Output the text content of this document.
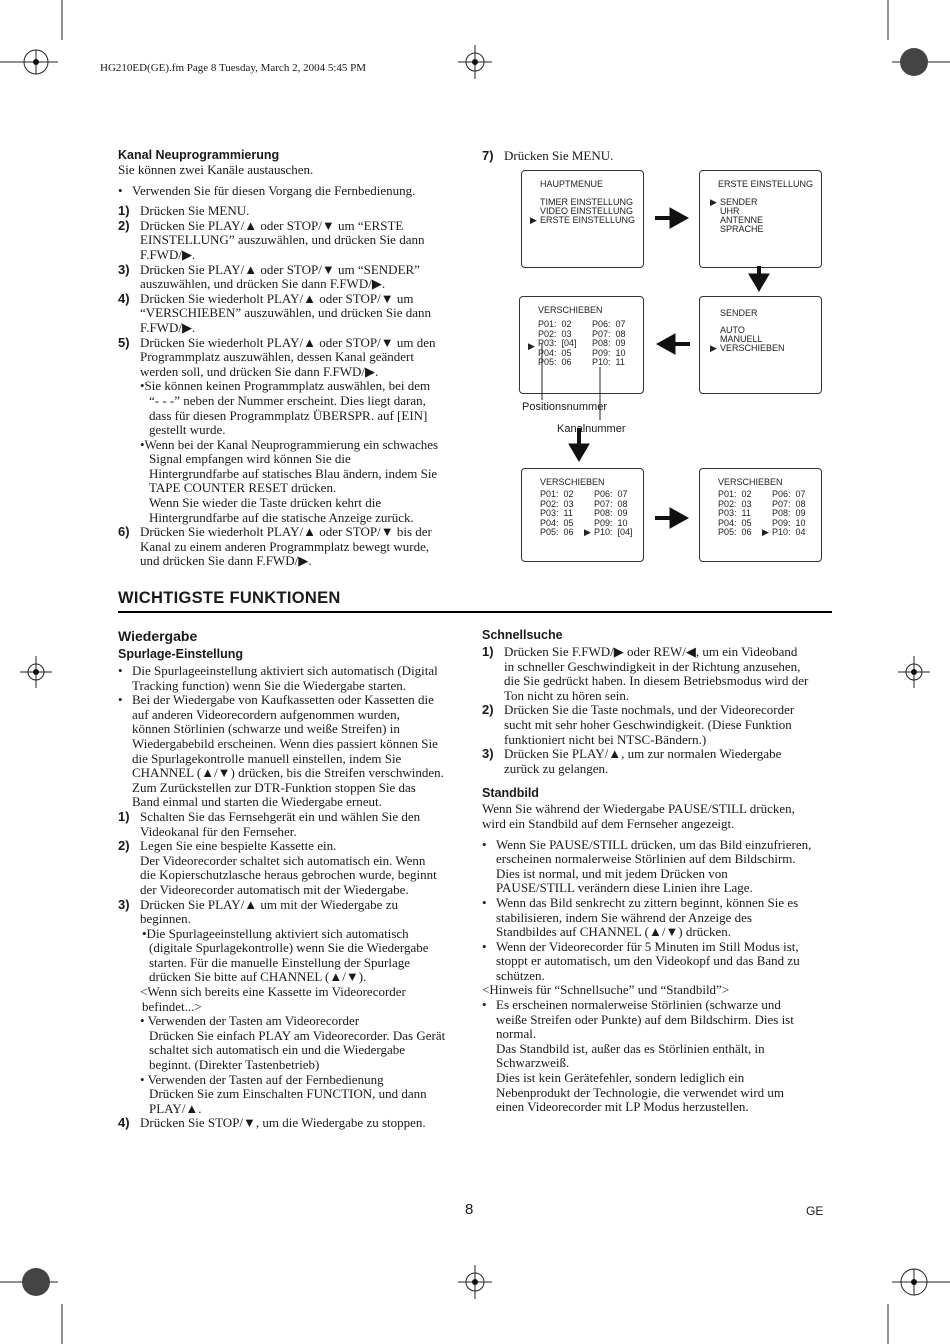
HG210ED(GE).fm Page 8 Tuesday, March 2, 2004 5:45 PM
Kanal Neuprogrammierung

Sie können zwei Kanäle austauschen.

• Verwenden Sie für diesen Vorgang die Fernbedienung.
1) Drücken Sie MENU.
2) Drücken Sie PLAY/▲ oder STOP/▼ um “ERSTE
EINSTELLUNG” auszuwählen, und drücken Sie dann
F.FWD/▶.
3) Drücken Sie PLAY/▲ oder STOP/▼ um “SENDER”
auszuwählen, und drücken Sie dann F.FWD/▶.
4) Drücken Sie wiederholt PLAY/▲ oder STOP/▼ um
“VERSCHIEBEN” auszuwählen, und drücken Sie dann
F.FWD/▶.
5) Drücken Sie wiederholt PLAY/▲ oder STOP/▼ um den
Programmplatz auszuwählen, dessen Kanal geändert
werden soll, und drücken Sie dann F.FWD/▶.
•Sie können keinen Programmplatz auswählen, bei dem
“- - -” neben der Nummer erscheint. Dies liegt daran,
dass für diesen Programmplatz ÜBERSPR. auf [EIN]
gestellt wurde.
•Wenn bei der Kanal Neuprogrammierung ein schwaches
Signal empfangen wird können Sie die
Hintergrundfarbe auf statisches Blau ändern, indem Sie
TAPE COUNTER RESET drücken.
Wenn Sie wieder die Taste drücken kehrt die
Hintergrundfarbe auf die statische Anzeige zurück.
6) Drücken Sie wiederholt PLAY/▲ oder STOP/▼ bis der
Kanal zu einem anderen Programmplatz bewegt wurde,
und drücken Sie dann F.FWD/▶.
7) Drücken Sie MENU.
HAUPTMENUE
TIMER EINSTELLUNG
VIDEO EINSTELLUNG
▶ ERSTE EINSTELLUNG
ERSTE EINSTELLUNG
▶ SENDER
UHR
ANTENNE
SPRACHE
VERSCHIEBEN
▶
P01:  02	P06:  07
P02:  03	P07:  08
P03:  [04]	P08:  09
P04:  05	P09:  10
P05:  06	P10:  11
SENDER
AUTO
MANUELL
▶ VERSCHIEBEN
Positionsnummer
Kanalnummer
VERSCHIEBEN
▶
P01:  02	P06:  07
P02:  03	P07:  08
P03:  11	P08:  09
P04:  05	P09:  10
P05:  06	P10:  [04]
VERSCHIEBEN
▶
P01:  02	P06:  07
P02:  03	P07:  08
P03:  11	P08:  09
P04:  05	P09:  10
P05:  06	P10:  04
WICHTIGSTE FUNKTIONEN
Wiedergabe
Spurlage-Einstellung
• Die Spurlageeinstellung aktiviert sich automatisch (Digital
Tracking function) wenn Sie die Wiedergabe starten.
• Bei der Wiedergabe von Kaufkassetten oder Kassetten die
auf anderen Videorecordern aufgenommen wurden,
können Störlinien (schwarze und weiße Streifen) in
Wiedergabebild erscheinen. Wenn dies passiert können Sie
die Spurlagekontrolle manuell einstellen, indem Sie
CHANNEL (▲/▼) drücken, bis die Streifen verschwinden.
Zum Zurückstellen zur DTR-Funktion stoppen Sie das
Band einmal und starten die Wiedergabe erneut.
1) Schalten Sie das Fernsehgerät ein und wählen Sie den
Videokanal für den Fernseher.
2) Legen Sie eine bespielte Kassette ein.
Der Videorecorder schaltet sich automatisch ein. Wenn
die Kopierschutzlasche heraus gebrochen wurde, beginnt
der Videorecorder automatisch mit der Wiedergabe.
3) Drücken Sie PLAY/▲ um mit der Wiedergabe zu
beginnen.
•Die Spurlageeinstellung aktiviert sich automatisch
(digitale Spurlagekontrolle) wenn Sie die Wiedergabe
starten. Für die manuelle Einstellung der Spurlage
drücken Sie bitte auf CHANNEL (▲/▼).
<Wenn sich bereits eine Kassette im Videorecorder
befindet...>
• Verwenden der Tasten am Videorecorder
Drücken Sie einfach PLAY am Videorecorder. Das Gerät
schaltet sich automatisch ein und die Wiedergabe
beginnt. (Direkter Tastenbetrieb)
• Verwenden der Tasten auf der Fernbedienung
Drücken Sie zum Einschalten FUNCTION, und dann
PLAY/▲.
4) Drücken Sie STOP/▼, um die Wiedergabe zu stoppen.
Schnellsuche
1) Drücken Sie F.FWD/▶ oder REW/◀, um ein Videoband
in schneller Geschwindigkeit in der Richtung anzusehen,
die Sie gedrückt haben. In diesem Betriebsmodus wird der
Ton nicht zu hören sein.
2) Drücken Sie die Taste nochmals, und der Videorecorder
sucht mit sehr hoher Geschwindigkeit. (Diese Funktion
funktioniert nicht bei NTSC-Bändern.)
3) Drücken Sie PLAY/▲, um zur normalen Wiedergabe
zurück zu gelangen.
Standbild

Wenn Sie während der Wiedergabe PAUSE/STILL drücken,
wird ein Standbild auf dem Fernseher angezeigt.

• Wenn Sie PAUSE/STILL drücken, um das Bild einzufrieren,
erscheinen normalerweise Störlinien auf dem Bildschirm.
Dies ist normal, und mit jedem Drücken von
PAUSE/STILL verändern diese Linien ihre Lage.
• Wenn das Bild senkrecht zu zittern beginnt, können Sie es
stabilisieren, indem Sie während der Anzeige des
Standbildes auf CHANNEL (▲/▼) drücken.
• Wenn der Videorecorder für 5 Minuten im Still Modus ist,
stoppt er automatisch, um den Videokopf und das Band zu
schützen.

<Hinweis für “Schnellsuche” und “Standbild”>

• Es erscheinen normalerweise Störlinien (schwarze und
weiße Streifen oder Punkte) auf dem Bildschirm. Dies ist
normal.
Das Standbild ist, außer das es Störlinien enthält, in
Schwarzweiß.
Dies ist kein Gerätefehler, sondern lediglich ein
Nebenprodukt der Technologie, die verwendet wird um
einen Videorecorder mit LP Modus herzustellen.
8	GE
